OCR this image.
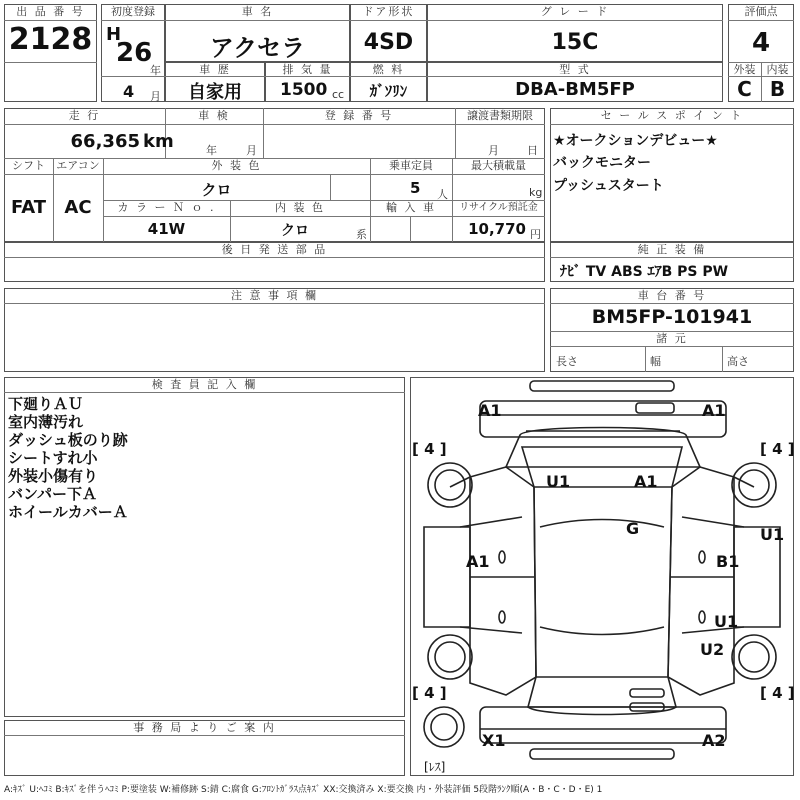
出 品 番 号
2128
初度登録
H
26
年
4 月
車 名
アクセラ
ドア形状
4SD
グ レ ー ド
15C
評価点
4
外装	内装
C B
車 歴
自家用
排 気 量
1500 cc
燃 料
ｶﾞｿﾘﾝ
型 式
DBA-BM5FP
走 行
66,365 km
車 検
年	月
登 録 番 号	譲渡書類期限
月	日
シフト
FAT
エアコン
AC
外 装 色
クロ
乗車定員
5 人
最大積載量
kg
カ ラ ー Ｎ ｏ .
41W
内 装 色
クロ	系
輸 入 車	リサイクル預託金
10,770 円
後 日 発 送 部 品
セ ー ル ス ポ イ ン ト
★オークションデビュー★
バックモニター
プッシュスタート
純 正 装 備
ﾅﾋﾞ TV ABS ｴｱB PS PW
注 意 事 項 欄	車 台 番 号
BM5FP-101941
諸 元
長さ	幅	高さ
検 査 員 記 入 欄
下廻りＡＵ
室内薄汚れ
ダッシュ板のり跡
シートすれ小
外装小傷有り
バンパー下Ａ
ホイールカバーＡ
事 務 局 よ り ご 案 内
A1	A1
U1	A1
G
A1	B1
U1
U1
U2
X1	A2
[ 4 ]	[ 4 ]
[ 4 ]	[ 4 ]
[ﾚｽ]
A:ｷｽﾞ U:ﾍｺﾐ B:ｷｽﾞを伴うﾍｺﾐ P:要塗装 W:補修跡 S:錆 C:腐食 G:ﾌﾛﾝﾄｶﾞﾗｽ点ｷｽﾞ XX:交換済み X:要交換 内・外装評価 5段階ﾗﾝｸ順(A・B・C・D・E) 1
